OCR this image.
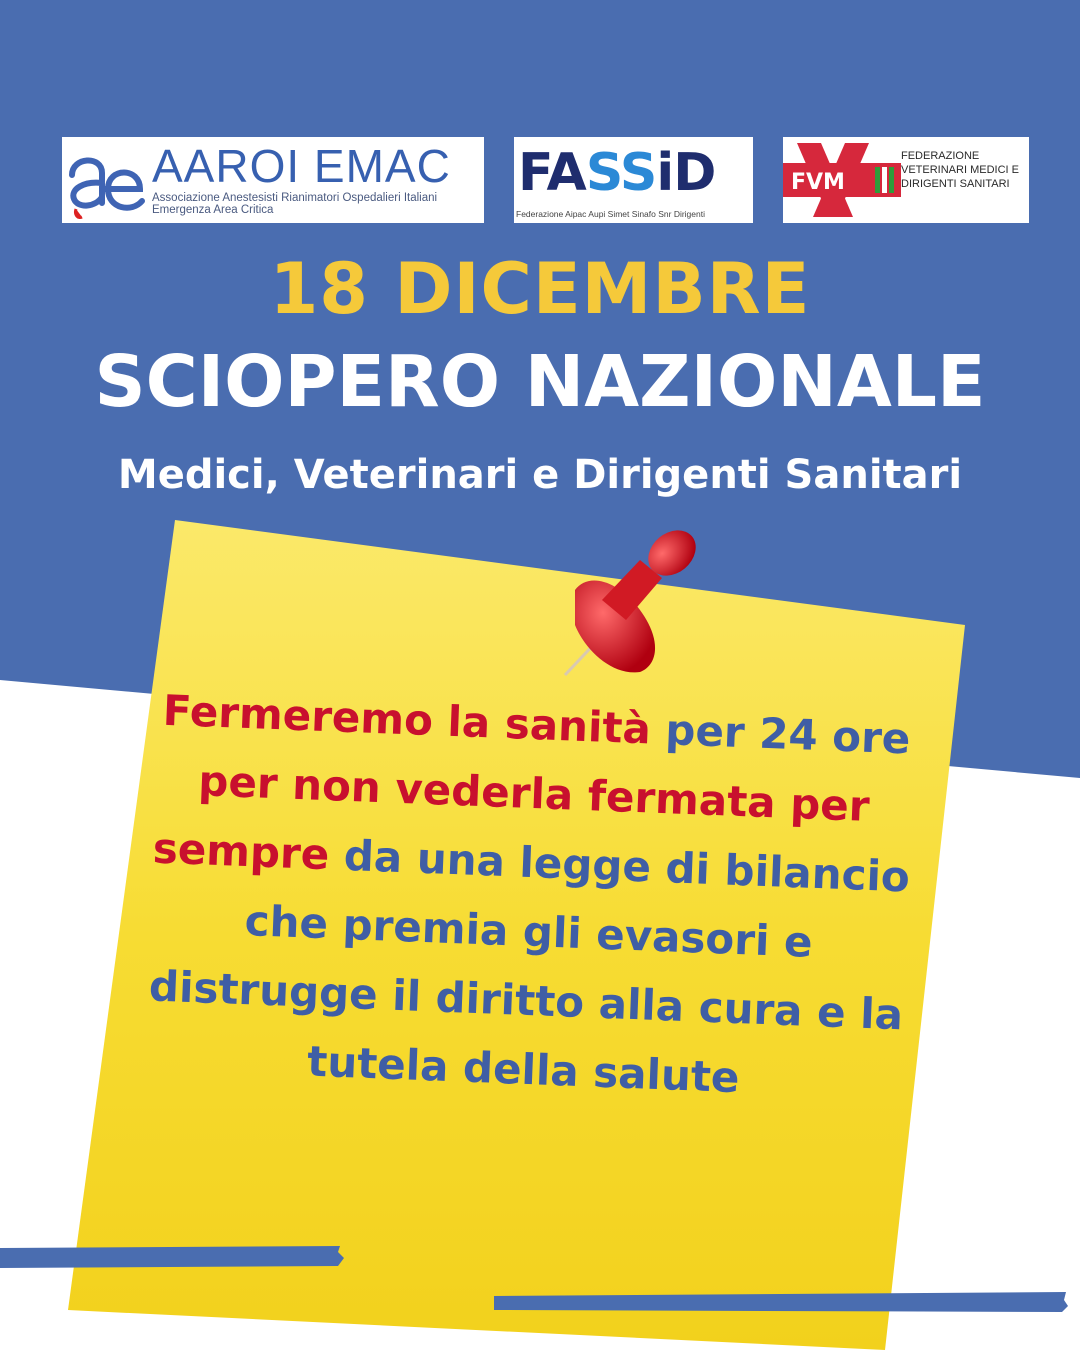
AAROI EMAC
Associazione Anestesisti Rianimatori Ospedalieri Italiani Emergenza Area Critica
FASSiD
Federazione Aipac Aupi Simet Sinafo Snr Dirigenti
FVM
FEDERAZIONE VETERINARI MEDICI E DIRIGENTI SANITARI
18 DICEMBRE
SCIOPERO NAZIONALE
Medici, Veterinari e Dirigenti Sanitari
Fermeremo la sanità per 24 ore per non vederla fermata per sempre da una legge di bilancio che premia gli evasori e distrugge il diritto alla cura e la tutela della salute
